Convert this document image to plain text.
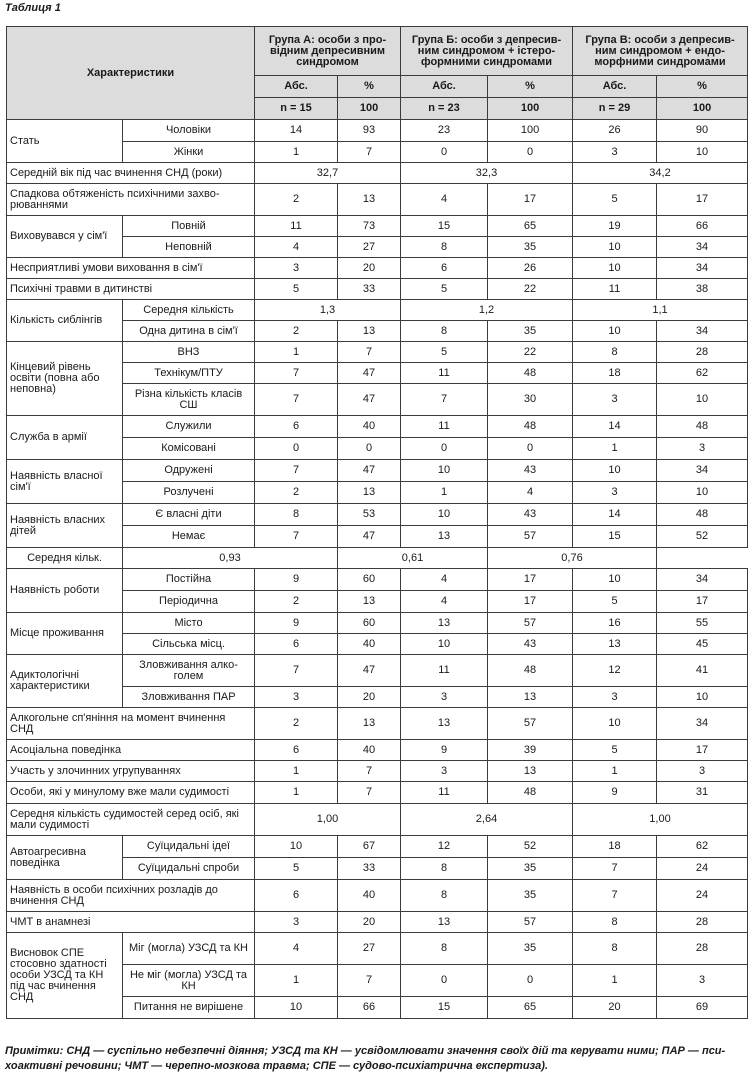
Таблиця 1
Характеристики		Група А: особи з про-відним депресивним синдромом		Група Б: особи з депресив-ним синдромом + істеро-формними синдромами		Група В: особи з депресив-ним синдромом + ендо-морфними синдромами	
		Абс.	%	Абс.	%	Абс.	%
		n = 15	100	n = 23	100	n = 29	100
Стать	Чоловіки	14	93	23	100	26	90
	Жінки	1	7	0	0	3	10
Середній вік під час вчинення СНД (роки)		32,7		32,3		34,2	
Спадкова обтяженість психічними захво-рюваннями		2	13	4	17	5	17
Виховувався у сім'ї	Повній	11	73	15	65	19	66
	Неповній	4	27	8	35	10	34
Несприятливі умови виховання в сім'ї		3	20	6	26	10	34
Психічні травми в дитинстві		5	33	5	22	11	38
Кількість сиблінгів	Середня кількість	1,3		1,2		1,1	
	Одна дитина в сім'ї	2	13	8	35	10	34
Кінцевий рівень освіти (повна або неповна)	ВНЗ	1	7	5	22	8	28
	Технікум/ПТУ	7	47	11	48	18	62
	Різна кількість класів СШ	7	47	7	30	3	10
Служба в армії	Служили	6	40	11	48	14	48
	Комісовані	0	0	0	0	1	3
Наявність власної сім'ї	Одружені	7	47	10	43	10	34
	Розлучені	2	13	1	4	3	10
Наявність власних дітей	Є власні діти	8	53	10	43	14	48
	Немає	7	47	13	57	15	52
Середня кільк.	0,93		0,61		0,76		
Наявність роботи	Постійна	9	60	4	17	10	34
	Періодична	2	13	4	17	5	17
Місце проживання	Місто	9	60	13	57	16	55
	Сільська місц.	6	40	10	43	13	45
Адиктологічні характеристики	Зловживання алко-голем	7	47	11	48	12	41
	Зловживання ПАР	3	20	3	13	3	10
Алкогольне сп'яніння на момент вчинення СНД		2	13	13	57	10	34
Асоціальна поведінка		6	40	9	39	5	17
Участь у злочинних угрупуваннях		1	7	3	13	1	3
Особи, які у минулому вже мали судимості		1	7	11	48	9	31
Середня кількість судимостей серед осіб, які мали судимості		1,00		2,64		1,00	
Автоагресивна поведінка	Суїцидальні ідеї	10	67	12	52	18	62
	Суїцидальні спроби	5	33	8	35	7	24
Наявність в особи психічних розладів до вчинення СНД		6	40	8	35	7	24
ЧМТ в анамнезі		3	20	13	57	8	28
Висновок СПЕ стосовно здатності особи УЗСД та КН під час вчинення СНД	Міг (могла) УЗСД та КН	4	27	8	35	8	28
	Не міг (могла) УЗСД та КН	1	7	0	0	1	3
	Питання не вирішене	10	66	15	65	20	69
Примітки: СНД — суспільно небезпечні діяння; УЗСД та КН — усвідомлювати значення своїх дій та керувати ними; ПАР — пси-хоактивні речовини; ЧМТ — черепно-мозкова травма; СПЕ — судово-психіатрична експертиза).
